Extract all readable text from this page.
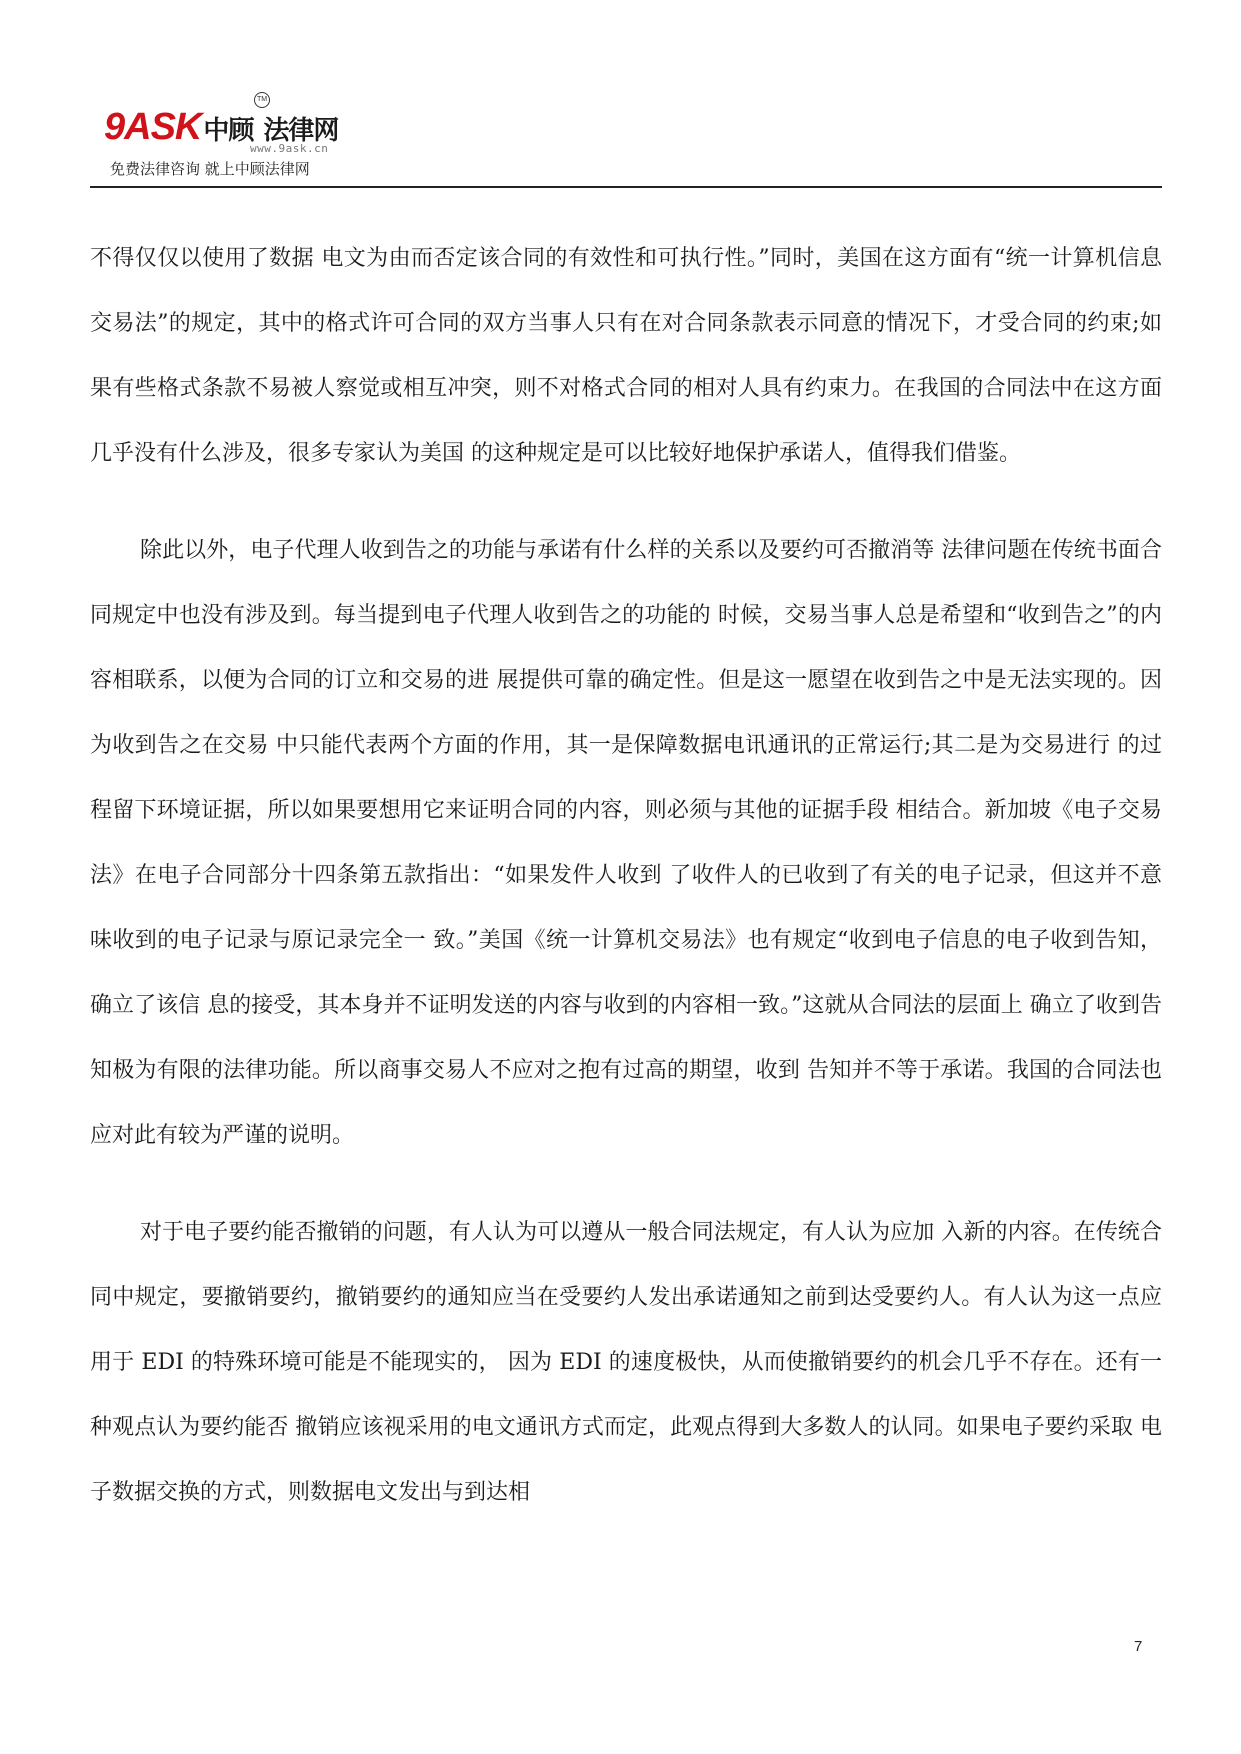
9ASK中顾 法律网
TM
www.9ask.cn
免费法律咨询 就上中顾法律网

不得仅仅以使用了数据 电文为由而否定该合同的有效性和可执行性。”同时，美国在这方面有“统一计算机信息 交易法”的规定，其中的格式许可合同的双方当事人只有在对合同条款表示同意的情况下，才受合同的约束;如果有些格式条款不易被人察觉或相互冲突，则不对格式合同的相对人具有约束力。在我国的合同法中在这方面几乎没有什么涉及，很多专家认为美国 的这种规定是可以比较好地保护承诺人，值得我们借鉴。

除此以外，电子代理人收到告之的功能与承诺有什么样的关系以及要约可否撤消等 法律问题在传统书面合同规定中也没有涉及到。每当提到电子代理人收到告之的功能的 时候，交易当事人总是希望和“收到告之”的内容相联系，以便为合同的订立和交易的进 展提供可靠的确定性。但是这一愿望在收到告之中是无法实现的。因为收到告之在交易 中只能代表两个方面的作用，其一是保障数据电讯通讯的正常运行;其二是为交易进行 的过程留下环境证据，所以如果要想用它来证明合同的内容，则必须与其他的证据手段 相结合。新加坡《电子交易法》在电子合同部分十四条第五款指出：“如果发件人收到 了收件人的已收到了有关的电子记录，但这并不意味收到的电子记录与原记录完全一 致。”美国《统一计算机交易法》也有规定“收到电子信息的电子收到告知，确立了该信 息的接受，其本身并不证明发送的内容与收到的内容相一致。”这就从合同法的层面上 确立了收到告知极为有限的法律功能。所以商事交易人不应对之抱有过高的期望，收到 告知并不等于承诺。我国的合同法也应对此有较为严谨的说明。

对于电子要约能否撤销的问题，有人认为可以遵从一般合同法规定，有人认为应加 入新的内容。在传统合同中规定，要撤销要约，撤销要约的通知应当在受要约人发出承诺通知之前到达受要约人。有人认为这一点应用于 EDI 的特殊环境可能是不能现实的， 因为 EDI 的速度极快，从而使撤销要约的机会几乎不存在。还有一种观点认为要约能否 撤销应该视采用的电文通讯方式而定，此观点得到大多数人的认同。如果电子要约采取 电子数据交换的方式，则数据电文发出与到达相

7
